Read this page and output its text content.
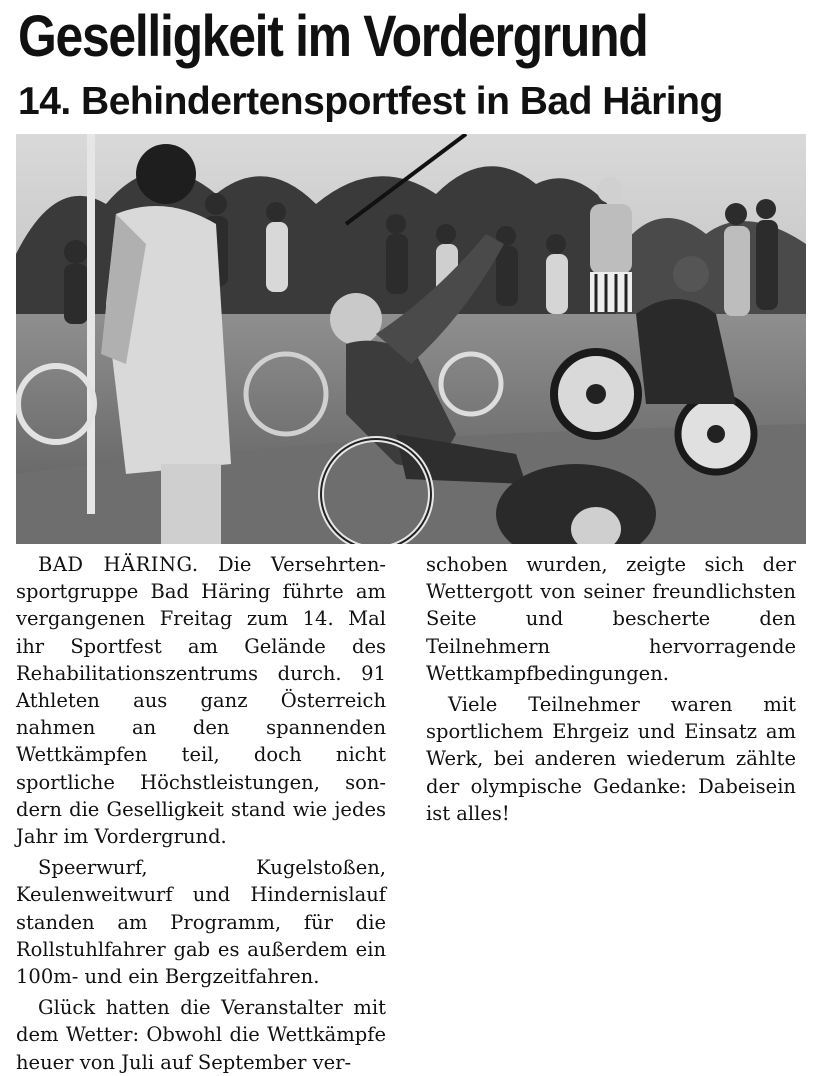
Geselligkeit im Vordergrund
14. Behindertensportfest in Bad Häring

BAD HÄRING. Die Versehrtensportgruppe Bad Häring führte am vergangenen Freitag zum 14. Mal ihr Sportfest am Gelände des Rehabilitationszentrums durch. 91 Athleten aus ganz Österreich nahmen an den spannenden Wettkämpfen teil, doch nicht sportliche Höchstleistungen, sondern die Geselligkeit stand wie jedes Jahr im Vordergrund.

Speerwurf, Kugelstoßen, Keulenweitwurf und Hindernislauf standen am Programm, für die Rollstuhlfahrer gab es außerdem ein 100m- und ein Bergzeitfahren.

Glück hatten die Veranstalter mit dem Wetter: Obwohl die Wettkämpfe heuer von Juli auf September ver-

schoben wurden, zeigte sich der Wettergott von seiner freundlichsten Seite und bescherte den Teilnehmern hervorragende Wettkampfbedingungen.

Viele Teilnehmer waren mit sportlichem Ehrgeiz und Einsatz am Werk, bei anderen wiederum zählte der olympische Gedanke: Dabeisein ist alles!
